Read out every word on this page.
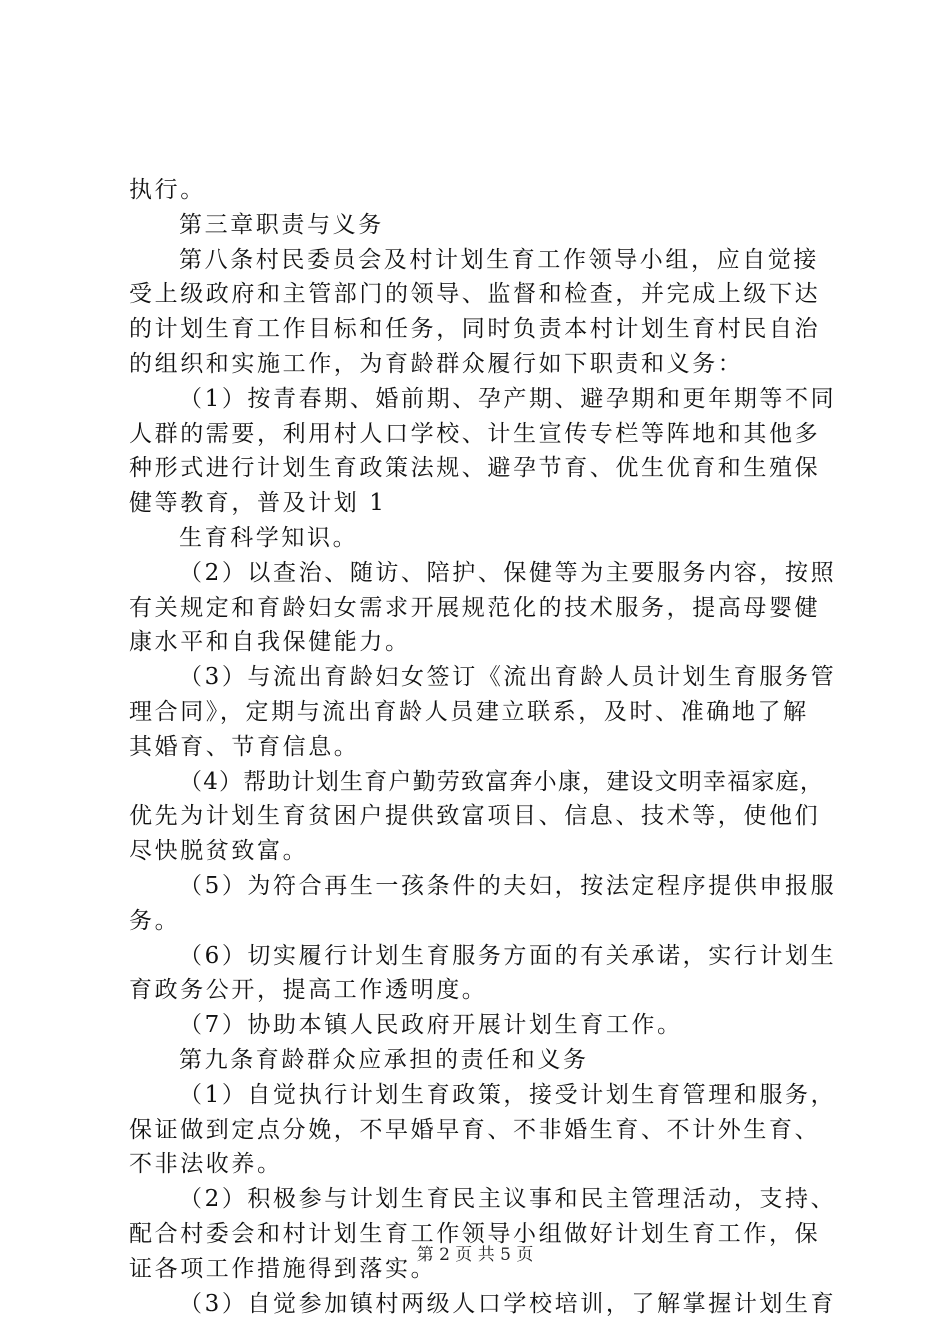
执行。
第三章职责与义务
第八条村民委员会及村计划生育工作领导小组，应自觉接
受上级政府和主管部门的领导、监督和检查，并完成上级下达
的计划生育工作目标和任务，同时负责本村计划生育村民自治
的组织和实施工作，为育龄群众履行如下职责和义务：
（1）按青春期、婚前期、孕产期、避孕期和更年期等不同
人群的需要，利用村人口学校、计生宣传专栏等阵地和其他多
种形式进行计划生育政策法规、避孕节育、优生优育和生殖保
健等教育，普及计划 1
生育科学知识。
（2）以查治、随访、陪护、保健等为主要服务内容，按照
有关规定和育龄妇女需求开展规范化的技术服务，提高母婴健
康水平和自我保健能力。
（3）与流出育龄妇女签订《流出育龄人员计划生育服务管
理合同》，定期与流出育龄人员建立联系，及时、准确地了解
其婚育、节育信息。
（4）帮助计划生育户勤劳致富奔小康，建设文明幸福家庭，
优先为计划生育贫困户提供致富项目、信息、技术等，使他们
尽快脱贫致富。
（5）为符合再生一孩条件的夫妇，按法定程序提供申报服
务。
（6）切实履行计划生育服务方面的有关承诺，实行计划生
育政务公开，提高工作透明度。
（7）协助本镇人民政府开展计划生育工作。
第九条育龄群众应承担的责任和义务
（1）自觉执行计划生育政策，接受计划生育管理和服务，
保证做到定点分娩，不早婚早育、不非婚生育、不计外生育、
不非法收养。
（2）积极参与计划生育民主议事和民主管理活动，支持、
配合村委会和村计划生育工作领导小组做好计划生育工作，保
证各项工作措施得到落实。
（3）自觉参加镇村两级人口学校培训，了解掌握计划生育
第 2 页 共 5 页
